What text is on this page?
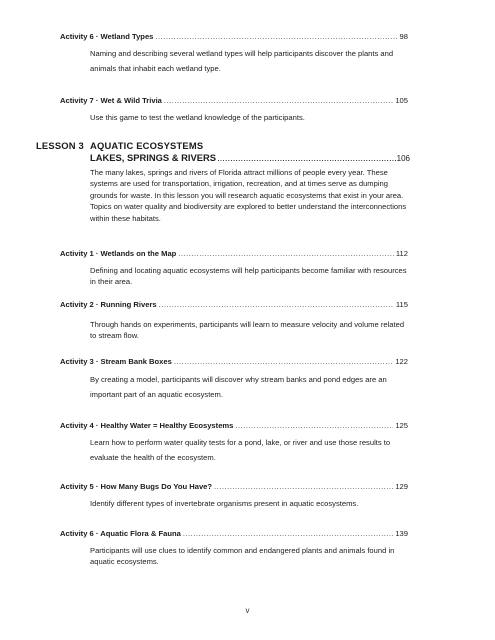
Activity 6 · Wetland Types .....	98
Naming and describing several wetland types will help participants discover the plants and animals that inhabit each wetland type.
Activity 7 · Wet & Wild Trivia .....	105
Use this game to test the wetland knowledge of the participants.
LESSON 3 AQUATIC ECOSYSTEMS
LAKES, SPRINGS & RIVERS .....	106
The many lakes, springs and rivers of Florida attract millions of people every year. These systems are used for transportation, irrigation, recreation, and at times serve as dumping grounds for waste. In this lesson you will research aquatic ecosystems that exist in your area. Topics on water quality and biodiversity are explored to better understand the interconnections within these habitats.
Activity 1 · Wetlands on the Map .....	112
Defining and locating aquatic ecosystems will help participants become familiar with resources in their area.
Activity 2 · Running Rivers .....	115
Through hands on experiments, participants will learn to measure velocity and volume related to stream flow.
Activity 3 · Stream Bank Boxes .....	122
By creating a model, participants will discover why stream banks and pond edges are an important part of an aquatic ecosystem.
Activity 4 · Healthy Water = Healthy Ecosystems .....	125
Learn how to perform water quality tests for a pond, lake, or river and use those results to evaluate the health of the ecosystem.
Activity 5 · How Many Bugs Do You Have? .....	129
Identify different types of invertebrate organisms present in aquatic ecosystems.
Activity 6 · Aquatic Flora & Fauna .....	139
Participants will use clues to identify common and endangered plants and animals found in aquatic ecosystems.
v
